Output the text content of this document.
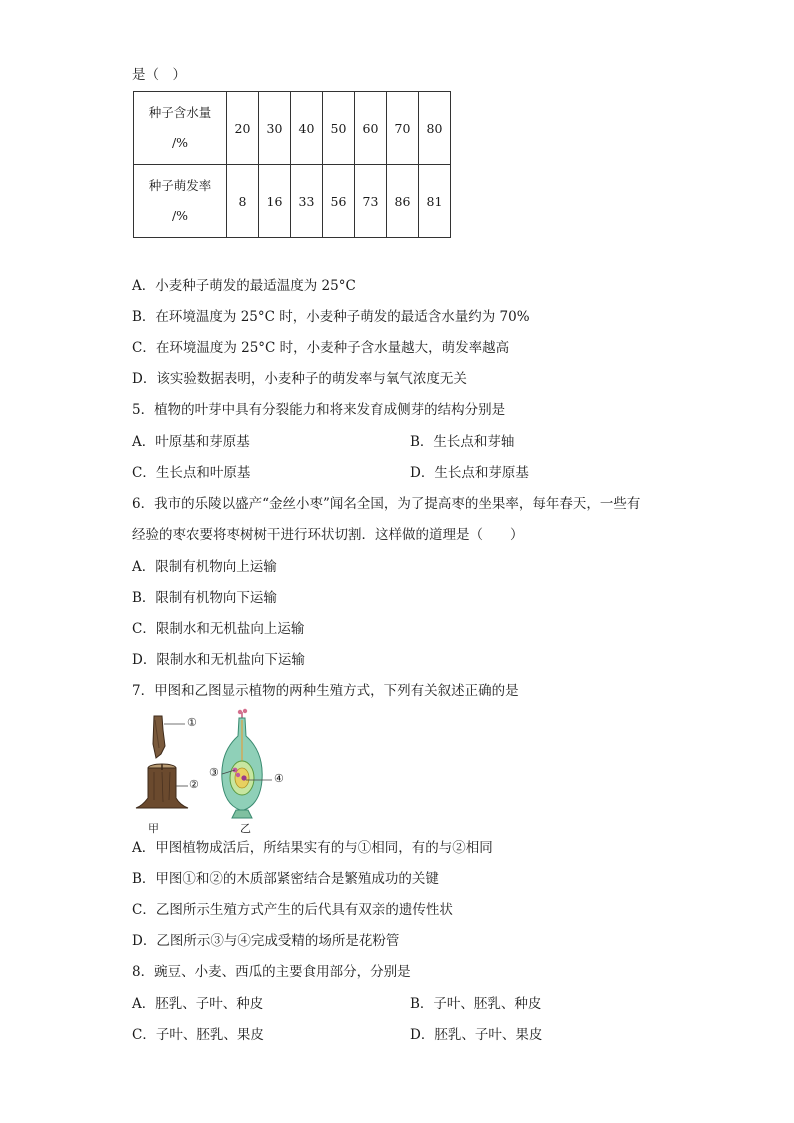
是（　）
种子含水量
/%	20	30	40	50	60	70	80

种子萌发率
/%	8	16	33	56	73	86	81
A．小麦种子萌发的最适温度为 25°C
B．在环境温度为 25°C 时，小麦种子萌发的最适含水量约为 70%
C．在环境温度为 25°C 时，小麦种子含水量越大，萌发率越高
D．该实验数据表明，小麦种子的萌发率与氧气浓度无关
5．植物的叶芽中具有分裂能力和将来发育成侧芽的结构分别是
A．叶原基和芽原基	B．生长点和芽轴
C．生长点和叶原基	D．生长点和芽原基
6．我市的乐陵以盛产“金丝小枣”闻名全国，为了提高枣的坐果率，每年春天，一些有
经验的枣农要将枣树树干进行环状切割．这样做的道理是（　　）
A．限制有机物向上运输
B．限制有机物向下运输
C．限制水和无机盐向上运输
D．限制水和无机盐向下运输
7．甲图和乙图显示植物的两种生殖方式，下列有关叙述正确的是
①
②
③	④
甲	乙
A．甲图植物成活后，所结果实有的与①相同，有的与②相同
B．甲图①和②的木质部紧密结合是繁殖成功的关键
C．乙图所示生殖方式产生的后代具有双亲的遗传性状
D．乙图所示③与④完成受精的场所是花粉管
8．豌豆、小麦、西瓜的主要食用部分，分别是
A．胚乳、子叶、种皮	B．子叶、胚乳、种皮
C．子叶、胚乳、果皮	D．胚乳、子叶、果皮
